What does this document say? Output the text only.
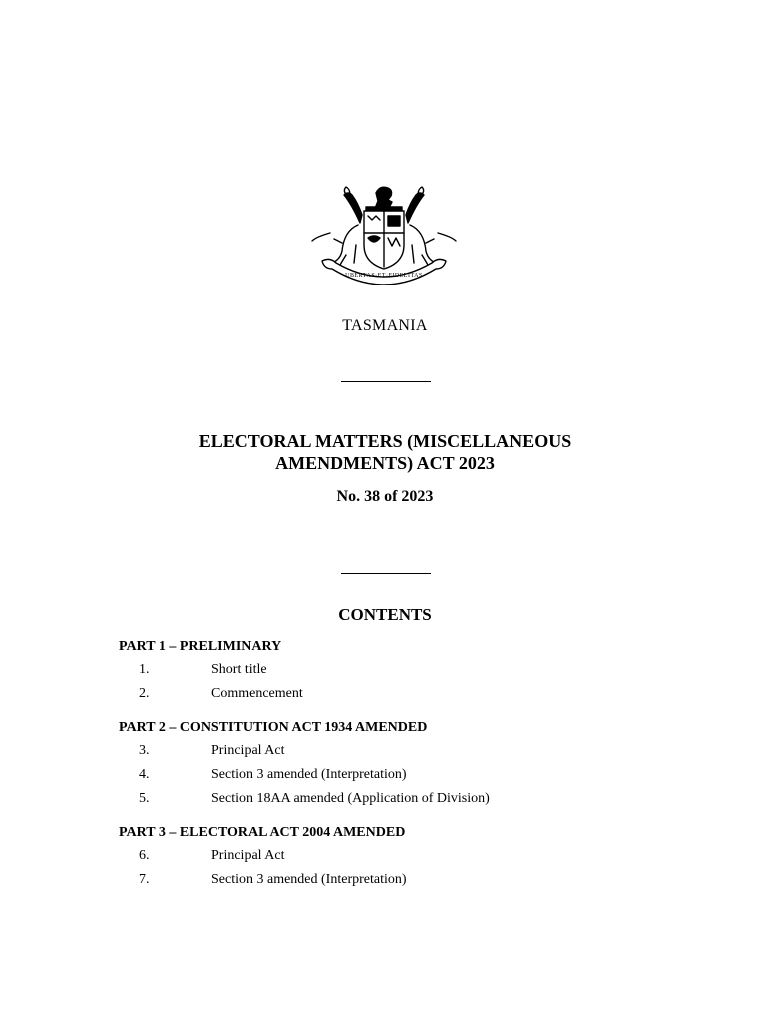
UBERTAS·ET·FIDELITAS
TASMANIA
ELECTORAL MATTERS (MISCELLANEOUS
AMENDMENTS) ACT 2023
No. 38 of 2023
CONTENTS
PART 1 – PRELIMINARY
1.	Short title
2.	Commencement
PART 2 – CONSTITUTION ACT 1934 AMENDED
3.	Principal Act
4.	Section 3 amended (Interpretation)
5.	Section 18AA amended (Application of Division)
PART 3 – ELECTORAL ACT 2004 AMENDED
6.	Principal Act
7.	Section 3 amended (Interpretation)
